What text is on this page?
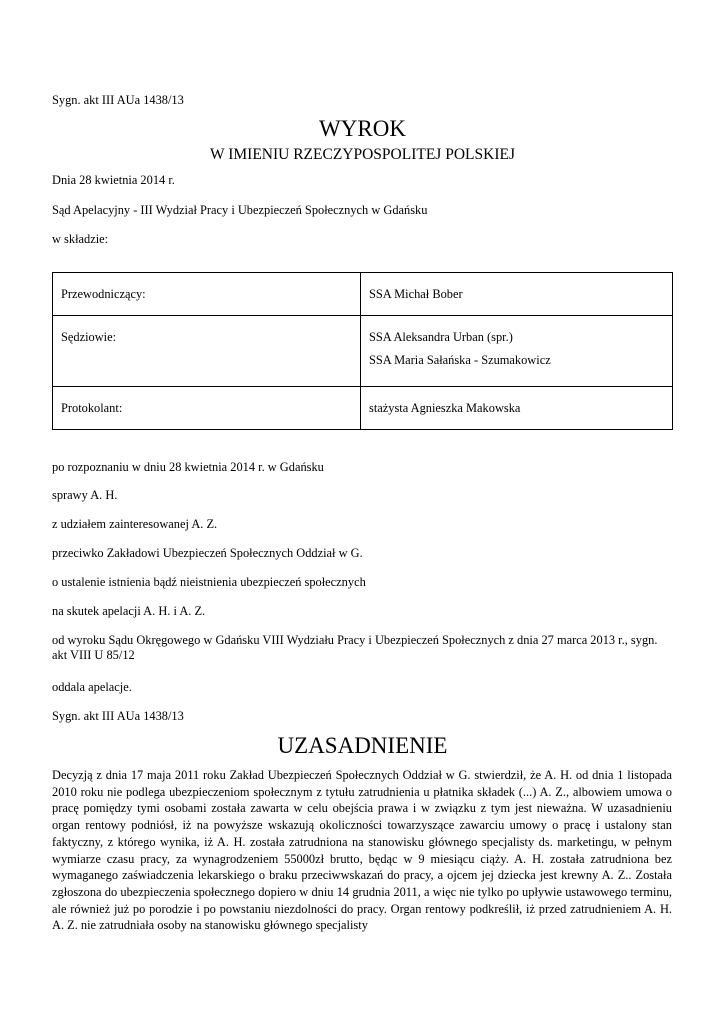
Sygn. akt III AUa 1438/13
WYROK
W IMIENIU RZECZYPOSPOLITEJ POLSKIEJ
Dnia 28 kwietnia 2014 r.
Sąd Apelacyjny - III Wydział Pracy i Ubezpieczeń Społecznych w Gdańsku
w składzie:
Przewodniczący:	SSA Michał Bober
Sędziowie:	SSA Aleksandra Urban (spr.)
SSA Maria Sałańska - Szumakowicz

Protokolant:	stażysta Agnieszka Makowska
po rozpoznaniu w dniu 28 kwietnia 2014 r. w Gdańsku
sprawy A. H.
z udziałem zainteresowanej A. Z.
przeciwko Zakładowi Ubezpieczeń Społecznych Oddział w G.
o ustalenie istnienia bądź nieistnienia ubezpieczeń społecznych
na skutek apelacji A. H. i A. Z.
od wyroku Sądu Okręgowego w Gdańsku VIII Wydziału Pracy i Ubezpieczeń Społecznych z dnia 27 marca 2013 r., sygn. akt VIII U 85/12
oddala apelacje.
Sygn. akt III AUa 1438/13
UZASADNIENIE
Decyzją z dnia 17 maja 2011 roku Zakład Ubezpieczeń Społecznych Oddział w G. stwierdził, że A. H. od dnia 1 listopada 2010 roku nie podlega ubezpieczeniom społecznym z tytułu zatrudnienia u płatnika składek (...) A. Z., albowiem umowa o pracę pomiędzy tymi osobami została zawarta w celu obejścia prawa i w związku z tym jest nieważna. W uzasadnieniu organ rentowy podniósł, iż na powyższe wskazują okoliczności towarzyszące zawarciu umowy o pracę i ustalony stan faktyczny, z którego wynika, iż A. H. została zatrudniona na stanowisku głównego specjalisty ds. marketingu, w pełnym wymiarze czasu pracy, za wynagrodzeniem 55000zł brutto, będąc w 9 miesiącu ciąży. A. H. została zatrudniona bez wymaganego zaświadczenia lekarskiego o braku przeciwwskazań do pracy, a ojcem jej dziecka jest krewny A. Z.. Została zgłoszona do ubezpieczenia społecznego dopiero w dniu 14 grudnia 2011, a więc nie tylko po upływie ustawowego terminu, ale również już po porodzie i po powstaniu niezdolności do pracy. Organ rentowy podkreślił, iż przed zatrudnieniem A. H. A. Z. nie zatrudniała osoby na stanowisku głównego specjalisty
